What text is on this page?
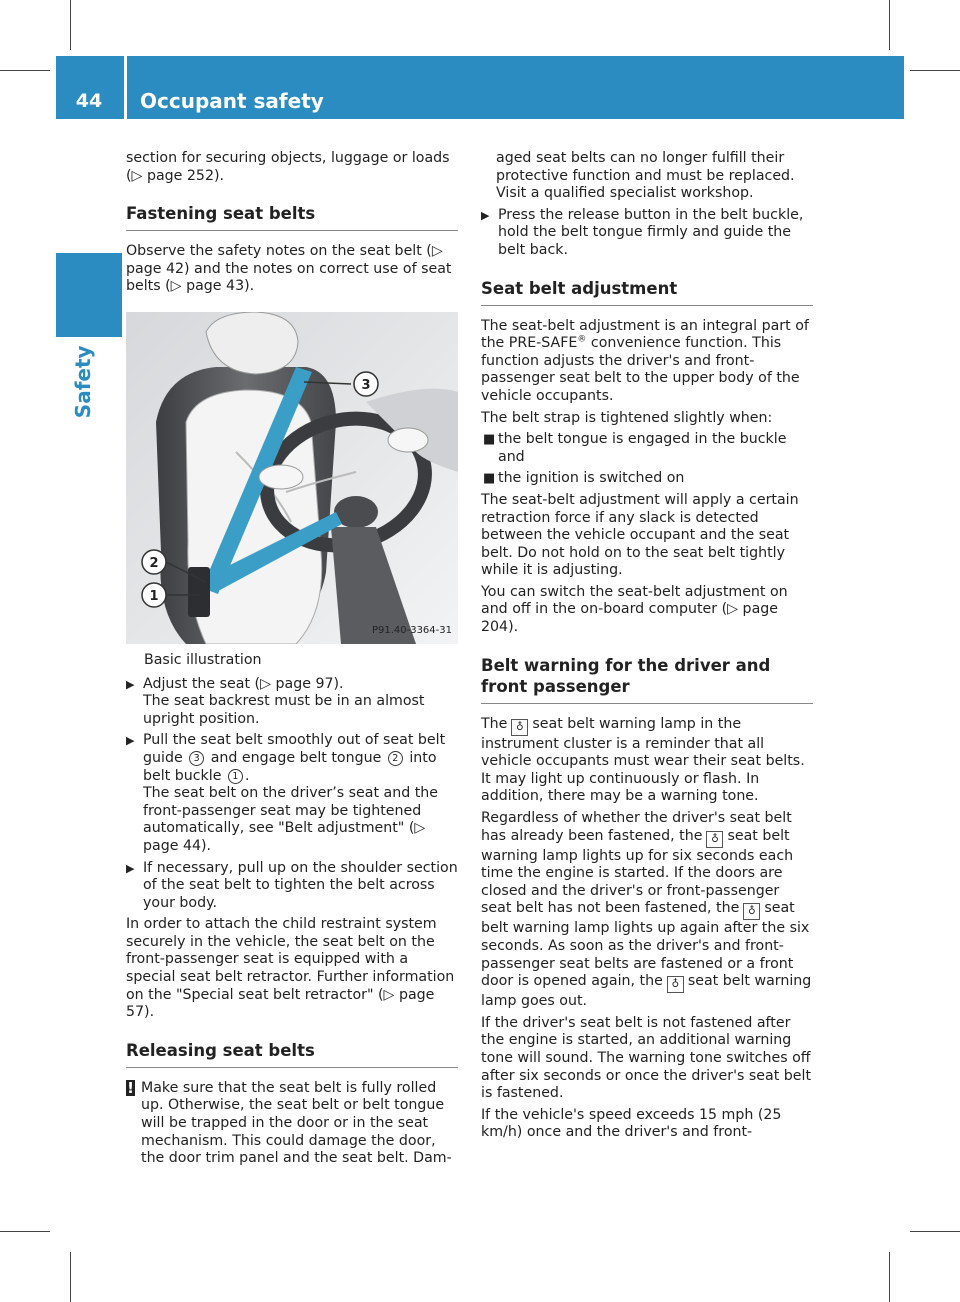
44	Occupant safety
Safety

section for securing objects, luggage or loads (▷ page 252).

Fastening seat belts

Observe the safety notes on the seat belt (▷ page 42) and the notes on correct use of seat belts (▷ page 43).

3
2
1
P91.40-3364-31

Basic illustration

▶ Adjust the seat (▷ page 97).
The seat backrest must be in an almost upright position.
▶ Pull the seat belt smoothly out of seat belt guide 3 and engage belt tongue 2 into belt buckle 1 .
The seat belt on the driver’s seat and the front-passenger seat may be tightened automatically, see "Belt adjustment" (▷ page 44).
▶ If necessary, pull up on the shoulder section of the seat belt to tighten the belt across your body.

In order to attach the child restraint system securely in the vehicle, the seat belt on the front-passenger seat is equipped with a special seat belt retractor. Further information on the "Special seat belt retractor" (▷ page 57).

Releasing seat belts
! Make sure that the seat belt is fully rolled up. Otherwise, the seat belt or belt tongue will be trapped in the door or in the seat mechanism. This could damage the door, the door trim panel and the seat belt. Dam-

aged seat belts can no longer fulfill their protective function and must be replaced. Visit a qualified specialist workshop.

▶ Press the release button in the belt buckle, hold the belt tongue firmly and guide the belt back.
Seat belt adjustment

The seat-belt adjustment is an integral part of the PRE-SAFE® convenience function. This function adjusts the driver's and front-passenger seat belt to the upper body of the vehicle occupants.

The belt strap is tightened slightly when:

■ the belt tongue is engaged in the buckle and
■ the ignition is switched on

The seat-belt adjustment will apply a certain retraction force if any slack is detected between the vehicle occupant and the seat belt. Do not hold on to the seat belt tightly while it is adjusting.

You can switch the seat-belt adjustment on and off in the on-board computer (▷ page 204).

Belt warning for the driver and front passenger

The ♁ seat belt warning lamp in the instrument cluster is a reminder that all vehicle occupants must wear their seat belts. It may light up continuously or flash. In addition, there may be a warning tone.

Regardless of whether the driver's seat belt has already been fastened, the ♁ seat belt warning lamp lights up for six seconds each time the engine is started. If the doors are closed and the driver's or front-passenger seat belt has not been fastened, the ♁ seat belt warning lamp lights up again after the six seconds. As soon as the driver's and front-passenger seat belts are fastened or a front door is opened again, the ♁ seat belt warning lamp goes out.

If the driver's seat belt is not fastened after the engine is started, an additional warning tone will sound. The warning tone switches off after six seconds or once the driver's seat belt is fastened.

If the vehicle's speed exceeds 15 mph (25 km/h) once and the driver's and front-
